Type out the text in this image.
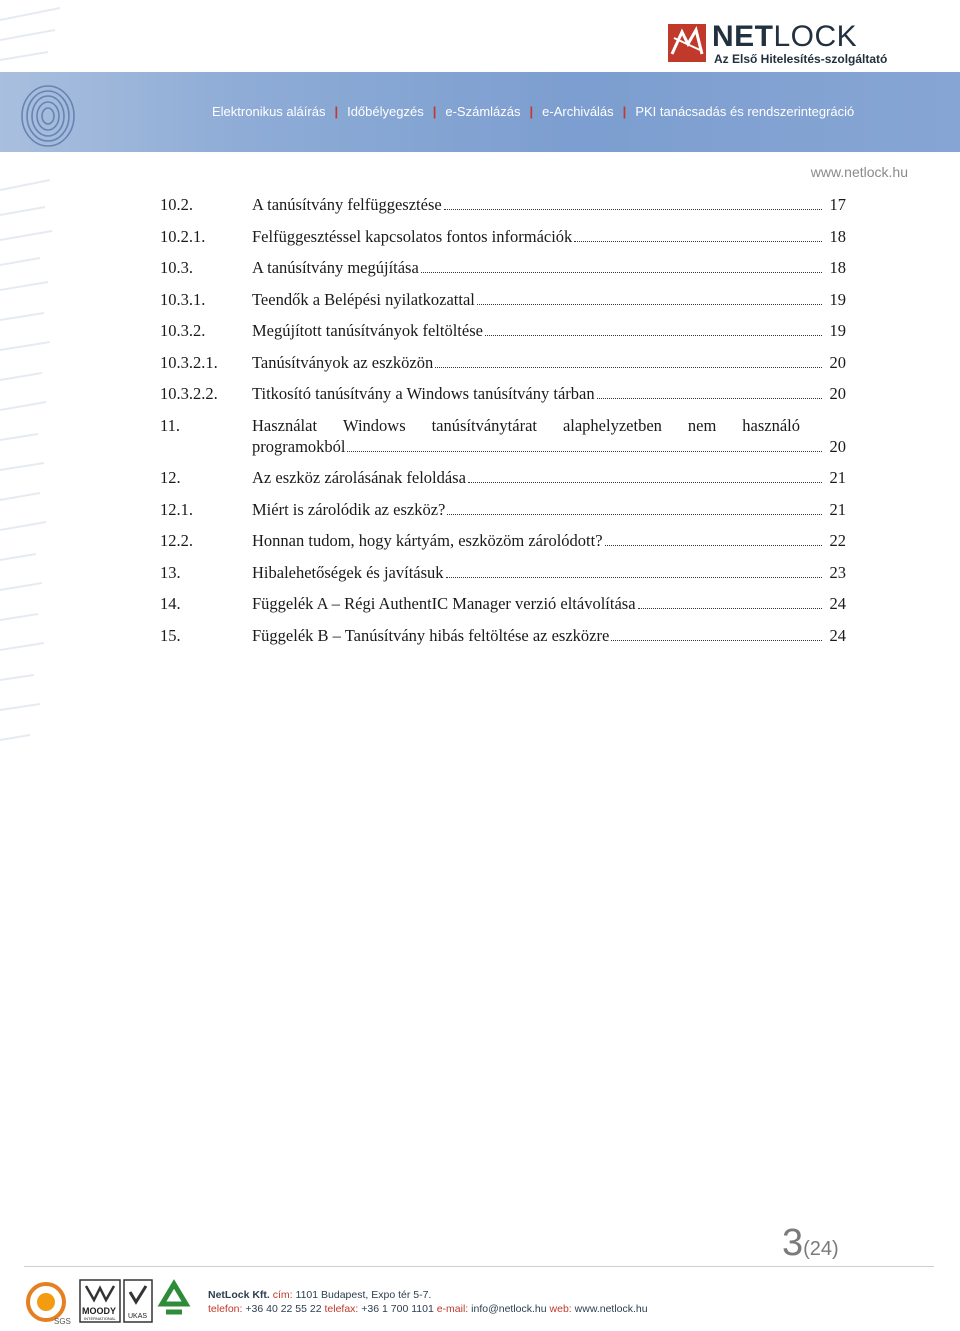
NETLOCK
Az Első Hitelesítés-szolgáltató
Elektronikus aláírás | Időbélyegzés | e-Számlázás | e-Archiválás | PKI tanácsadás és rendszerintegráció
www.netlock.hu
10.2.	A tanúsítvány felfüggesztése	17
10.2.1.	Felfüggesztéssel kapcsolatos fontos információk	18
10.3.	A tanúsítvány megújítása	18
10.3.1.	Teendők a Belépési nyilatkozattal	19
10.3.2.	Megújított tanúsítványok feltöltése	19
10.3.2.1.	Tanúsítványok az eszközön	20
10.3.2.2.	Titkosító tanúsítvány a Windows tanúsítvány tárban	20
11.	Használat Windows tanúsítványtárat alaphelyzetben nem használó
programokból	20
12.	Az eszköz zárolásának feloldása	21
12.1.	Miért is zárolódik az eszköz?	21
12.2.	Honnan tudom, hogy kártyám, eszközöm zárolódott?	22
13.	Hibalehetőségek és javításuk	23
14.	Függelék A – Régi AuthentIC Manager verzió eltávolítása	24
15.	Függelék B – Tanúsítvány hibás feltöltése az eszközre	24
3(24)
SGS
MOODY
INTERNATIONAL UKAS
NetLock Kft. cím: 1101 Budapest, Expo tér 5-7.
telefon: +36 40 22 55 22 telefax: +36 1 700 1101 e-mail: info@netlock.hu web: www.netlock.hu
